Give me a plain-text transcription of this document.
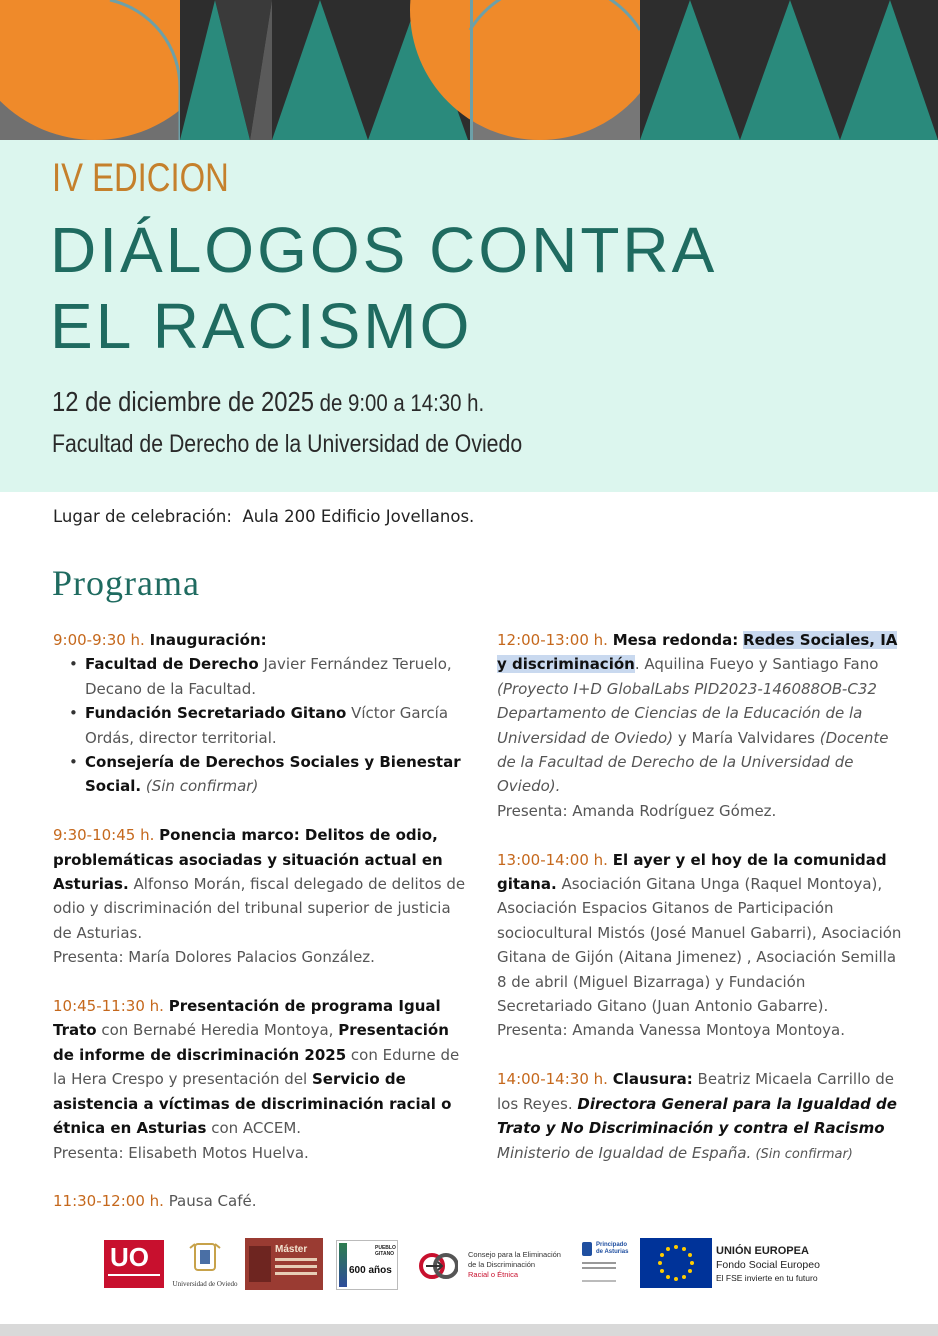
IV EDICION
DIÁLOGOS CONTRA EL RACISMO
12 de diciembre de 2025 de 9:00 a 14:30 h.
Facultad de Derecho de la Universidad de Oviedo
Lugar de celebración: Aula 200 Edificio Jovellanos.
Programa
9:00-9:30 h. Inauguración:
• Facultad de Derecho Javier Fernández Teruelo, Decano de la Facultad.
• Fundación Secretariado Gitano Víctor García Ordás, director territorial.
• Consejería de Derechos Sociales y Bienestar Social. (Sin confirmar)
9:30-10:45 h. Ponencia marco: Delitos de odio, problemáticas asociadas y situación actual en Asturias. Alfonso Morán, fiscal delegado de delitos de odio y discriminación del tribunal superior de justicia de Asturias.
Presenta: María Dolores Palacios González.
10:45-11:30 h. Presentación de programa Igual Trato con Bernabé Heredia Montoya, Presentación de informe de discriminación 2025 con Edurne de la Hera Crespo y presentación del Servicio de asistencia a víctimas de discriminación racial o étnica en Asturias con ACCEM.
Presenta: Elisabeth Motos Huelva.
11:30-12:00 h. Pausa Café.
12:00-13:00 h. Mesa redonda: Redes Sociales, IA y discriminación. Aquilina Fueyo y Santiago Fano (Proyecto I+D GlobalLabs PID2023-146088OB-C32 Departamento de Ciencias de la Educación de la Universidad de Oviedo) y María Valvidares (Docente de la Facultad de Derecho de la Universidad de Oviedo).
Presenta: Amanda Rodríguez Gómez.
13:00-14:00 h. El ayer y el hoy de la comunidad gitana. Asociación Gitana Unga (Raquel Montoya), Asociación Espacios Gitanos de Participación sociocultural Mistós (José Manuel Gabarri), Asociación Gitana de Gijón (Aitana Jimenez) , Asociación Semilla 8 de abril (Miguel Bizarraga) y Fundación Secretariado Gitano (Juan Antonio Gabarre).
Presenta: Amanda Vanessa Montoya Montoya.
14:00-14:30 h. Clausura: Beatriz Micaela Carrillo de los Reyes. Directora General para la Igualdad de Trato y No Discriminación y contra el Racismo Ministerio de Igualdad de España. (Sin confirmar)
UO
Universidad de Oviedo
Máster	PUEBLO GITANO
600 años
Consejo para la Eliminación
de la Discriminación
Racial o Étnica
Principado de Asturias	UNIÓN EUROPEA
Fondo Social Europeo
El FSE invierte en tu futuro
